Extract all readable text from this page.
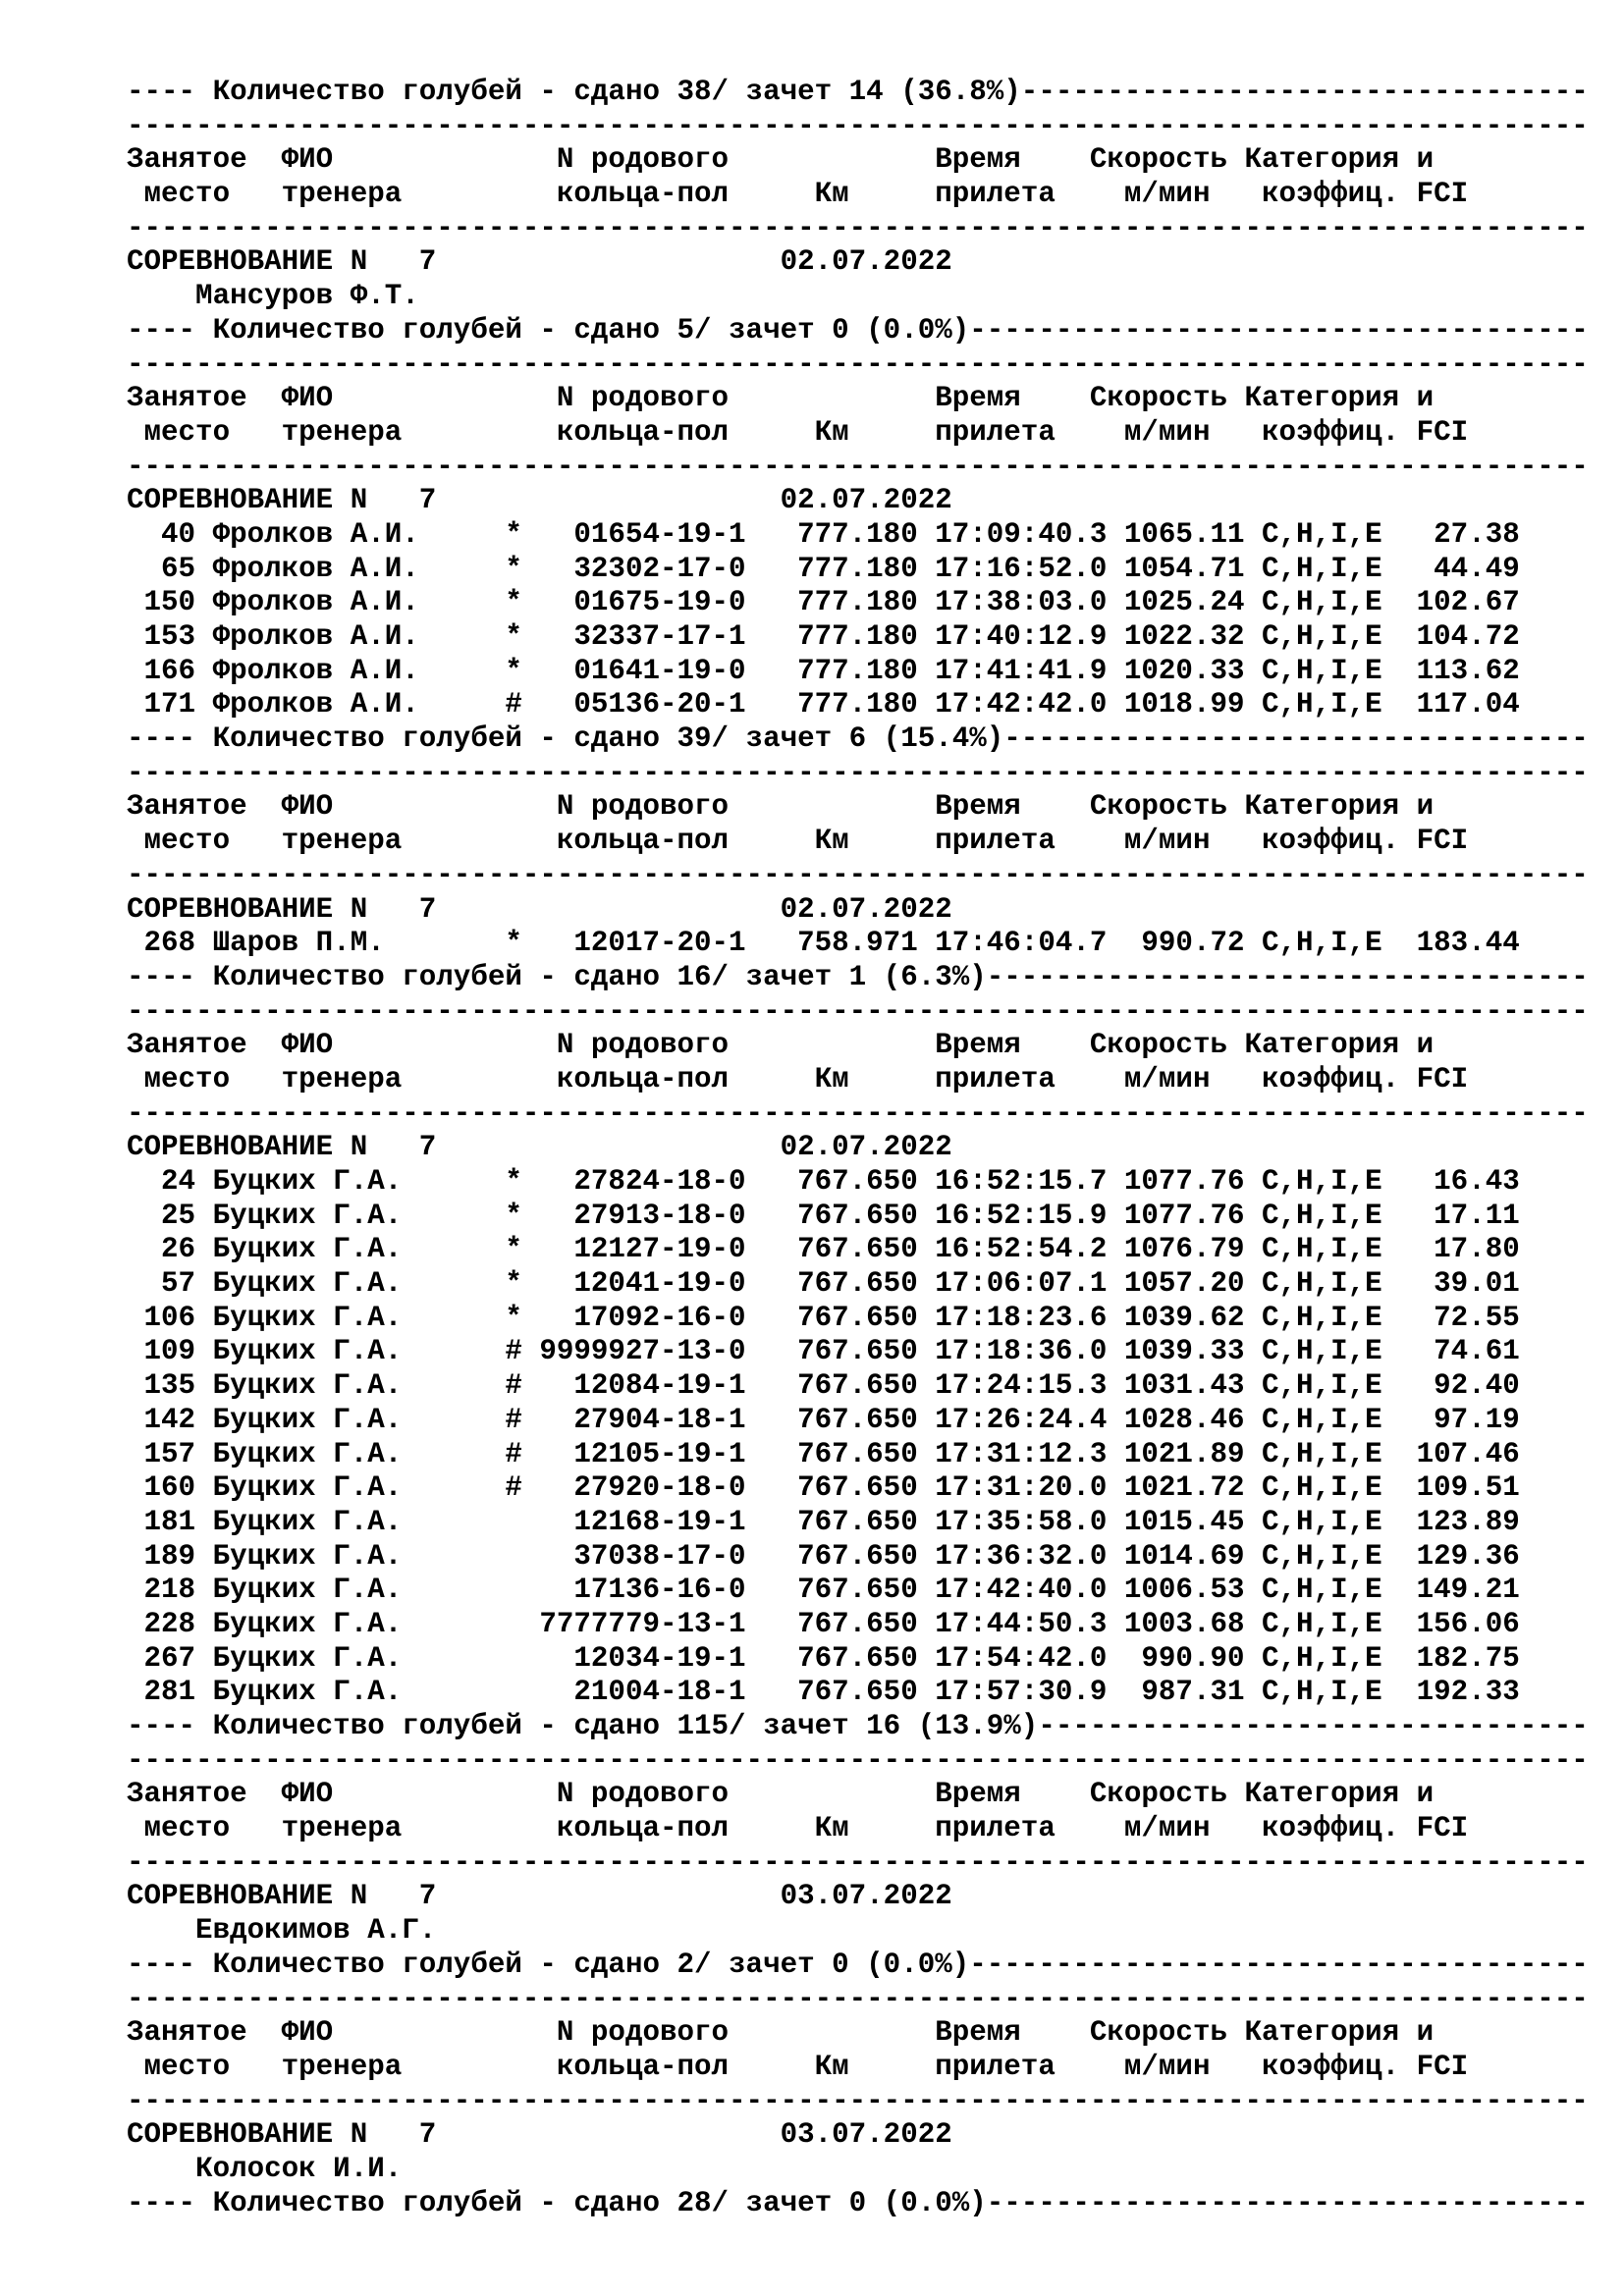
---- Количество голубей - сдано 38/ зачет 14 (36.8%)---------------------------------
-------------------------------------------------------------------------------------
Занятое  ФИО             N родового            Время    Скорость Категория и
место   тренера         кольца-пол     Км     прилета    м/мин   коэффиц. FCI
-------------------------------------------------------------------------------------
СОРЕВНОВАНИЕ N   7                    02.07.2022
Мансуров Ф.Т.
---- Количество голубей - сдано 5/ зачет 0 (0.0%)------------------------------------
-------------------------------------------------------------------------------------
Занятое  ФИО             N родового            Время    Скорость Категория и
место   тренера         кольца-пол     Км     прилета    м/мин   коэффиц. FCI
-------------------------------------------------------------------------------------
СОРЕВНОВАНИЕ N   7                    02.07.2022
40 Фролков А.И.     *   01654-19-1   777.180 17:09:40.3 1065.11 C,H,I,E   27.38
65 Фролков А.И.     *   32302-17-0   777.180 17:16:52.0 1054.71 C,H,I,E   44.49
150 Фролков А.И.     *   01675-19-0   777.180 17:38:03.0 1025.24 C,H,I,E  102.67
153 Фролков А.И.     *   32337-17-1   777.180 17:40:12.9 1022.32 C,H,I,E  104.72
166 Фролков А.И.     *   01641-19-0   777.180 17:41:41.9 1020.33 C,H,I,E  113.62
171 Фролков А.И.     #   05136-20-1   777.180 17:42:42.0 1018.99 C,H,I,E  117.04
---- Количество голубей - сдано 39/ зачет 6 (15.4%)----------------------------------
-------------------------------------------------------------------------------------
Занятое  ФИО             N родового            Время    Скорость Категория и
место   тренера         кольца-пол     Км     прилета    м/мин   коэффиц. FCI
-------------------------------------------------------------------------------------
СОРЕВНОВАНИЕ N   7                    02.07.2022
268 Шаров П.М.       *   12017-20-1   758.971 17:46:04.7  990.72 C,H,I,E  183.44
---- Количество голубей - сдано 16/ зачет 1 (6.3%)-----------------------------------
-------------------------------------------------------------------------------------
Занятое  ФИО             N родового            Время    Скорость Категория и
место   тренера         кольца-пол     Км     прилета    м/мин   коэффиц. FCI
-------------------------------------------------------------------------------------
СОРЕВНОВАНИЕ N   7                    02.07.2022
24 Буцких Г.А.      *   27824-18-0   767.650 16:52:15.7 1077.76 C,H,I,E   16.43
25 Буцких Г.А.      *   27913-18-0   767.650 16:52:15.9 1077.76 C,H,I,E   17.11
26 Буцких Г.А.      *   12127-19-0   767.650 16:52:54.2 1076.79 C,H,I,E   17.80
57 Буцких Г.А.      *   12041-19-0   767.650 17:06:07.1 1057.20 C,H,I,E   39.01
106 Буцких Г.А.      *   17092-16-0   767.650 17:18:23.6 1039.62 C,H,I,E   72.55
109 Буцких Г.А.      # 9999927-13-0   767.650 17:18:36.0 1039.33 C,H,I,E   74.61
135 Буцких Г.А.      #   12084-19-1   767.650 17:24:15.3 1031.43 C,H,I,E   92.40
142 Буцких Г.А.      #   27904-18-1   767.650 17:26:24.4 1028.46 C,H,I,E   97.19
157 Буцких Г.А.      #   12105-19-1   767.650 17:31:12.3 1021.89 C,H,I,E  107.46
160 Буцких Г.А.      #   27920-18-0   767.650 17:31:20.0 1021.72 C,H,I,E  109.51
181 Буцких Г.А.          12168-19-1   767.650 17:35:58.0 1015.45 C,H,I,E  123.89
189 Буцких Г.А.          37038-17-0   767.650 17:36:32.0 1014.69 C,H,I,E  129.36
218 Буцких Г.А.          17136-16-0   767.650 17:42:40.0 1006.53 C,H,I,E  149.21
228 Буцких Г.А.        7777779-13-1   767.650 17:44:50.3 1003.68 C,H,I,E  156.06
267 Буцких Г.А.          12034-19-1   767.650 17:54:42.0  990.90 C,H,I,E  182.75
281 Буцких Г.А.          21004-18-1   767.650 17:57:30.9  987.31 C,H,I,E  192.33
---- Количество голубей - сдано 115/ зачет 16 (13.9%)--------------------------------
-------------------------------------------------------------------------------------
Занятое  ФИО             N родового            Время    Скорость Категория и
место   тренера         кольца-пол     Км     прилета    м/мин   коэффиц. FCI
-------------------------------------------------------------------------------------
СОРЕВНОВАНИЕ N   7                    03.07.2022
Евдокимов А.Г.
---- Количество голубей - сдано 2/ зачет 0 (0.0%)------------------------------------
-------------------------------------------------------------------------------------
Занятое  ФИО             N родового            Время    Скорость Категория и
место   тренера         кольца-пол     Км     прилета    м/мин   коэффиц. FCI
-------------------------------------------------------------------------------------
СОРЕВНОВАНИЕ N   7                    03.07.2022
Колосок И.И.
---- Количество голубей - сдано 28/ зачет 0 (0.0%)-----------------------------------
